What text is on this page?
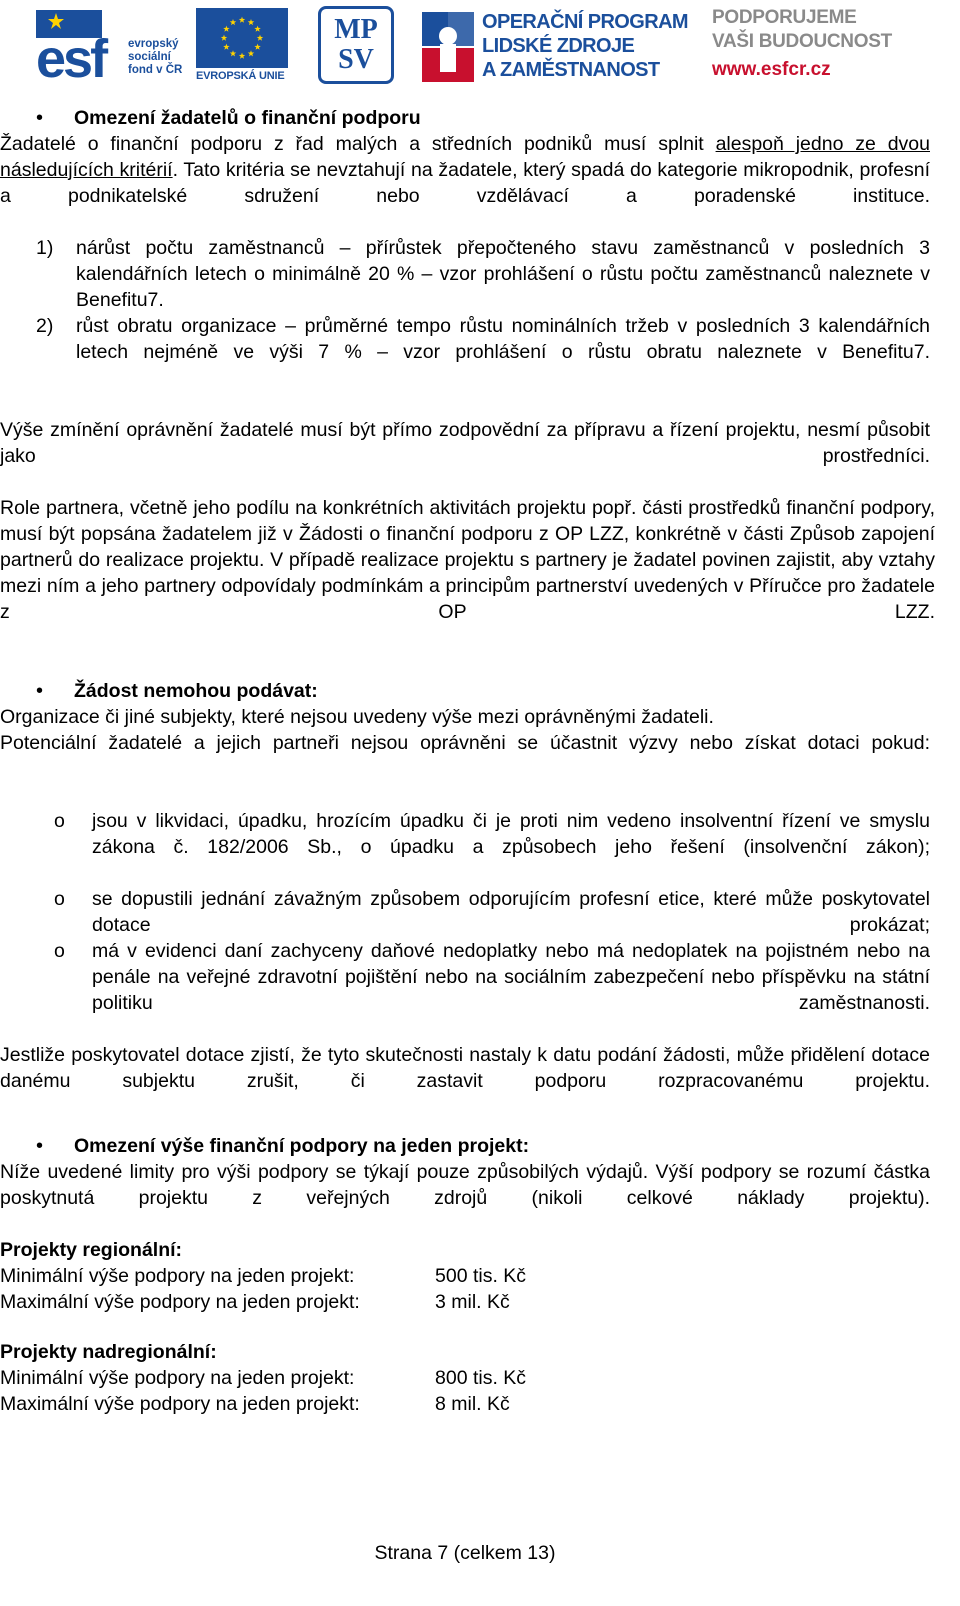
esf evropský
sociální
fond v ČR	EVROPSKÁ UNIE
MP
SV
OPERAČNÍ PROGRAM
LIDSKÉ ZDROJE
A ZAMĚSTNANOST
PODPORUJEME
VAŠI BUDOUCNOST
www.esfcr.cz
• Omezení žadatelů o finanční podporu
Žadatelé o finanční podporu z řad malých a středních podniků musí splnit alespoň jedno ze dvou následujících kritérií. Tato kritéria se nevztahují na žadatele, který spadá do kategorie mikropodnik, profesní a podnikatelské sdružení nebo vzdělávací a poradenské instituce.
1) nárůst počtu zaměstnanců – přírůstek přepočteného stavu zaměstnanců v posledních 3 kalendářních letech o minimálně 20 % – vzor prohlášení o růstu počtu zaměstnanců naleznete v Benefitu7.
2) růst obratu organizace – průměrné tempo růstu nominálních tržeb v posledních 3 kalendářních letech nejméně ve výši 7 % – vzor prohlášení o růstu obratu naleznete v Benefitu7.
Výše zmínění oprávnění žadatelé musí být přímo zodpovědní za přípravu a řízení projektu, nesmí působit jako prostředníci.
Role partnera, včetně jeho podílu na konkrétních aktivitách projektu popř. části prostředků finanční podpory, musí být popsána žadatelem již v Žádosti o finanční podporu z OP LZZ, konkrétně v části Způsob zapojení partnerů do realizace projektu. V případě realizace projektu s partnery je žadatel povinen zajistit, aby vztahy mezi ním a jeho partnery odpovídaly podmínkám a principům partnerství uvedených v Příručce pro žadatele z OP LZZ.
• Žádost nemohou podávat:
Organizace či jiné subjekty, které nejsou uvedeny výše mezi oprávněnými žadateli.
Potenciální žadatelé a jejich partneři nejsou oprávněni se účastnit výzvy nebo získat dotaci pokud:
o jsou v likvidaci, úpadku, hrozícím úpadku či je proti nim vedeno insolventní řízení ve smyslu zákona č. 182/2006 Sb., o úpadku a způsobech jeho řešení (insolvenční zákon);
o se dopustili jednání závažným způsobem odporujícím profesní etice, které může poskytovatel dotace prokázat;
o má v evidenci daní zachyceny daňové nedoplatky nebo má nedoplatek na pojistném nebo na penále na veřejné zdravotní pojištění nebo na sociálním zabezpečení nebo příspěvku na státní politiku zaměstnanosti.
Jestliže poskytovatel dotace zjistí, že tyto skutečnosti nastaly k datu podání žádosti, může přidělení dotace danému subjektu zrušit, či zastavit podporu rozpracovanému projektu.
• Omezení výše finanční podpory na jeden projekt:
Níže uvedené limity pro výši podpory se týkají pouze způsobilých výdajů. Výší podpory se rozumí částka poskytnutá projektu z veřejných zdrojů (nikoli celkové náklady projektu).
Projekty regionální:
Minimální výše podpory na jeden projekt:	500 tis. Kč
Maximální výše podpory na jeden projekt:	3 mil. Kč
Projekty nadregionální:
Minimální výše podpory na jeden projekt:	800 tis. Kč
Maximální výše podpory na jeden projekt:	8 mil. Kč
Strana 7 (celkem 13)
